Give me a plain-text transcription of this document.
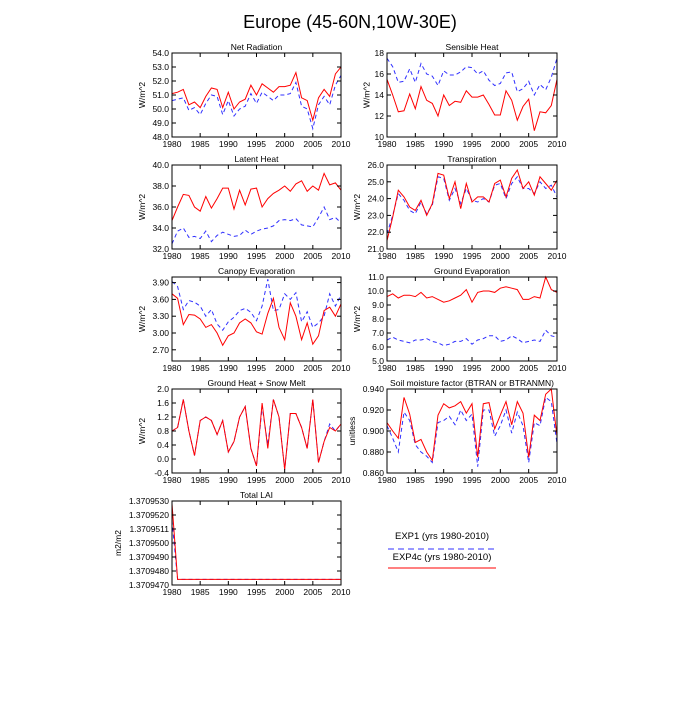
Europe (45-60N,10W-30E)
Net Radiation
48.0
49.0
50.0
51.0
52.0
53.0
54.0
1980 1985 1990 1995 2000 2005 2010
W/m^2
Sensible Heat
10
12
14
16
18
1980 1985 1990 1995 2000 2005 2010
W/m^2
Latent Heat
32.0
34.0
36.0
38.0
40.0
1980 1985 1990 1995 2000 2005 2010
W/m^2
Transpiration
21.0
22.0
23.0
24.0
25.0
26.0
1980 1985 1990 1995 2000 2005 2010
W/m^2
Canopy Evaporation
2.70
3.00
3.30
3.60
3.90
1980 1985 1990 1995 2000 2005 2010
W/m^2
Ground Evaporation
5.0
6.0
7.0
8.0
9.0
10.0
11.0
1980 1985 1990 1995 2000 2005 2010
W/m^2
Ground Heat + Snow Melt
-0.4
0.0
0.4
0.8
1.2
1.6
2.0
1980 1985 1990 1995 2000 2005 2010
W/m^2
Soil moisture factor (BTRAN or BTRANMN)
0.860
0.880
0.900
0.920
0.940
1980 1985 1990 1995 2000 2005 2010
unitless
Total LAI
1.3709470
1.3709480
1.3709490
1.3709500
1.3709511
1.3709520
1.3709530
1980 1985 1990 1995 2000 2005 2010
m2/m2	EXP1 (yrs 1980-2010)
EXP4c (yrs 1980-2010)
